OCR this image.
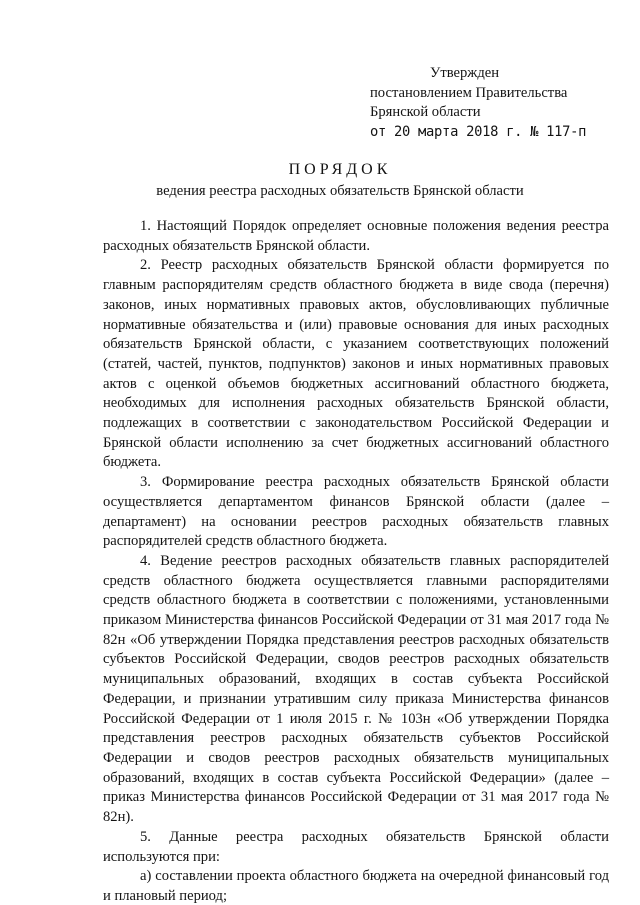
Утвержден
постановлением Правительства
Брянской области
от 20 марта 2018 г. № 117-п
ПОРЯДОК
ведения реестра расходных обязательств Брянской области

1. Настоящий Порядок определяет основные положения ведения реестра расходных обязательств Брянской области.

2. Реестр расходных обязательств Брянской области формируется по главным распорядителям средств областного бюджета в виде свода (перечня) законов, иных нормативных правовых актов, обусловливающих публичные нормативные обязательства и (или) правовые основания для иных расходных обязательств Брянской области, с указанием соответствующих положений (статей, частей, пунктов, подпунктов) законов и иных нормативных правовых актов с оценкой объемов бюджетных ассигнований областного бюджета, необходимых для исполнения расходных обязательств Брянской области, подлежащих в соответствии с законодательством Российской Федерации и Брянской области исполнению за счет бюджетных ассигнований областного бюджета.

3. Формирование реестра расходных обязательств Брянской области осуществляется департаментом финансов Брянской области (далее – департамент) на основании реестров расходных обязательств главных распорядителей средств областного бюджета.

4. Ведение реестров расходных обязательств главных распорядителей средств областного бюджета осуществляется главными распорядителями средств областного бюджета в соответствии с положениями, установленными приказом Министерства финансов Российской Федерации от 31 мая 2017 года № 82н «Об утверждении Порядка представления реестров расходных обязательств субъектов Российской Федерации, сводов реестров расходных обязательств муниципальных образований, входящих в состав субъекта Российской Федерации, и признании утратившим силу приказа Министерства финансов Российской Федерации от 1 июля 2015 г. № 103н «Об утверждении Порядка представления реестров расходных обязательств субъектов Российской Федерации и сводов реестров расходных обязательств муниципальных образований, входящих в состав субъекта Российской Федерации» (далее – приказ Министерства финансов Российской Федерации от 31 мая 2017 года № 82н).

5. Данные реестра расходных обязательств Брянской области используются при:

а) составлении проекта областного бюджета на очередной финансовый год и плановый период;
